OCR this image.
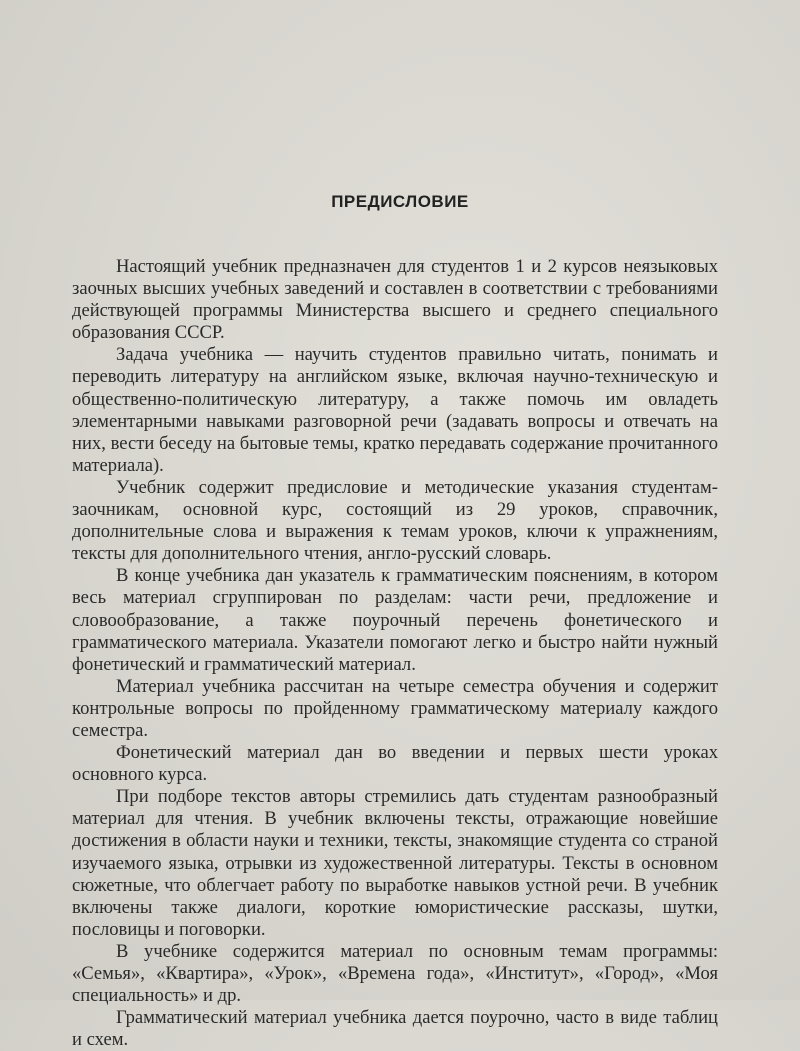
ПРЕДИСЛОВИЕ

Настоящий учебник предназначен для студентов 1 и 2 курсов неязыковых заочных высших учебных заведений и составлен в соответствии с требованиями действующей программы Министерства высшего и среднего специального образования СССР.

Задача учебника — научить студентов правильно читать, понимать и переводить литературу на английском языке, включая научно-техническую и общественно-политическую литературу, а также помочь им овладеть элементарными навыками разговорной речи (задавать вопросы и отвечать на них, вести беседу на бытовые темы, кратко передавать содержание прочитанного материала).

Учебник содержит предисловие и методические указания студентам-заочникам, основной курс, состоящий из 29 уроков, справочник, дополнительные слова и выражения к темам уроков, ключи к упражнениям, тексты для дополнительного чтения, англо-русский словарь.

В конце учебника дан указатель к грамматическим пояснениям, в котором весь материал сгруппирован по разделам: части речи, предложение и словообразование, а также поурочный перечень фонетического и грамматического материала. Указатели помогают легко и быстро найти нужный фонетический и грамматический материал.

Материал учебника рассчитан на четыре семестра обучения и содержит контрольные вопросы по пройденному грамматическому материалу каждого семестра.

Фонетический материал дан во введении и первых шести уроках основного курса.

При подборе текстов авторы стремились дать студентам разнообразный материал для чтения. В учебник включены тексты, отражающие новейшие достижения в области науки и техники, тексты, знакомящие студента со страной изучаемого языка, отрывки из художественной литературы. Тексты в основном сюжетные, что облегчает работу по выработке навыков устной речи. В учебник включены также диалоги, короткие юмористические рассказы, шутки, пословицы и поговорки.

В учебнике содержится материал по основным темам программы: «Семья», «Квартира», «Урок», «Времена года», «Институт», «Город», «Моя специальность» и др.

Грамматический материал учебника дается поурочно, часто в виде таблиц и схем.
